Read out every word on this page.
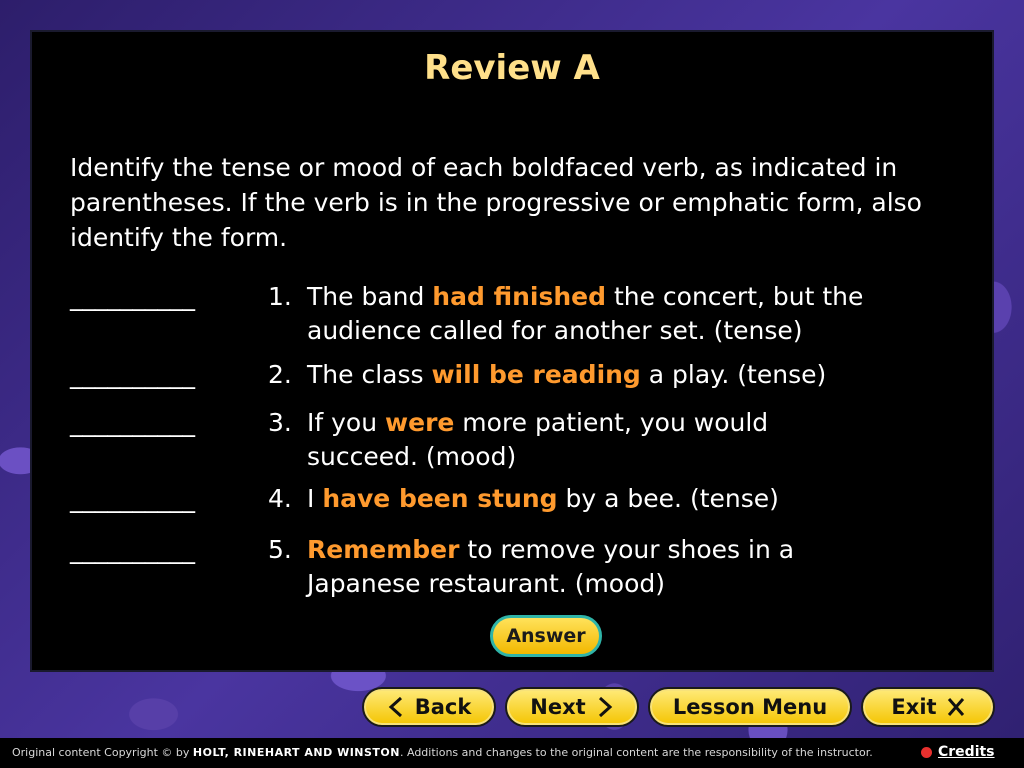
Review A
Identify the tense or mood of each boldfaced verb, as indicated in parentheses. If the verb is in the progressive or emphatic form, also identify the form.
__________	1. The band had finished the concert, but the audience called for another set. (tense)
__________	2. The class will be reading a play. (tense)
__________	3. If you were more patient, you would succeed. (mood)
__________	4. I have been stung by a bee. (tense)
__________	5. Remember to remove your shoes in a Japanese restaurant. (mood)
Answer
Back	Next	Lesson Menu	Exit
Original content Copyright © by HOLT, RINEHART AND WINSTON. Additions and changes to the original content are the responsibility of the instructor.	Credits
